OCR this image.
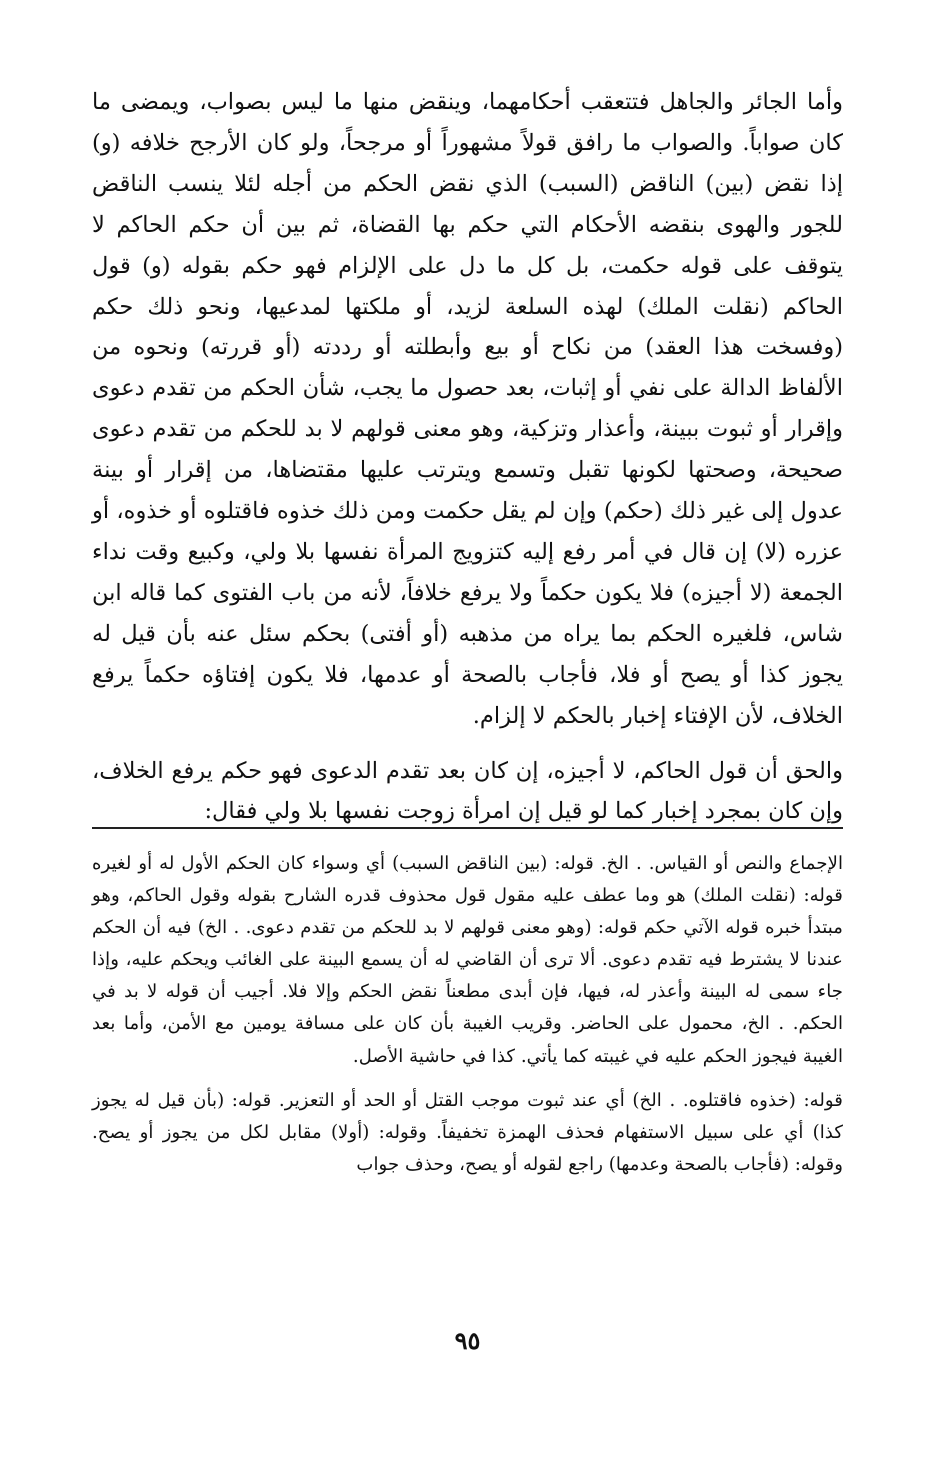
وأما الجائر والجاهل فتتعقب أحكامهما، وينقض منها ما ليس بصواب، ويمضى ما كان صواباً. والصواب ما رافق قولاً مشهوراً أو مرجحاً، ولو كان الأرجح خلافه (و) إذا نقض (بين) الناقض (السبب) الذي نقض الحكم من أجله لئلا ينسب الناقض للجور والهوى بنقضه الأحكام التي حكم بها القضاة، ثم بين أن حكم الحاكم لا يتوقف على قوله حكمت، بل كل ما دل على الإلزام فهو حكم بقوله (و) قول الحاكم (نقلت الملك) لهذه السلعة لزيد، أو ملكتها لمدعيها، ونحو ذلك حكم (وفسخت هذا العقد) من نكاح أو بيع وأبطلته أو رددته (أو قررته) ونحوه من الألفاظ الدالة على نفي أو إثبات، بعد حصول ما يجب، شأن الحكم من تقدم دعوى وإقرار أو ثبوت ببينة، وأعذار وتزكية، وهو معنى قولهم لا بد للحكم من تقدم دعوى صحيحة، وصحتها لكونها تقبل وتسمع ويترتب عليها مقتضاها، من إقرار أو بينة عدول إلى غير ذلك (حكم) وإن لم يقل حكمت ومن ذلك خذوه فاقتلوه أو خذوه، أو عزره (لا) إن قال في أمر رفع إليه كتزويج المرأة نفسها بلا ولي، وكبيع وقت نداء الجمعة (لا أجيزه) فلا يكون حكماً ولا يرفع خلافاً، لأنه من باب الفتوى كما قاله ابن شاس، فلغيره الحكم بما يراه من مذهبه (أو أفتى) بحكم سئل عنه بأن قيل له يجوز كذا أو يصح أو فلا، فأجاب بالصحة أو عدمها، فلا يكون إفتاؤه حكماً يرفع الخلاف، لأن الإفتاء إخبار بالحكم لا إلزام.

والحق أن قول الحاكم، لا أجيزه، إن كان بعد تقدم الدعوى فهو حكم يرفع الخلاف، وإن كان بمجرد إخبار كما لو قيل إن امرأة زوجت نفسها بلا ولي فقال:

الإجماع والنص أو القياس. . الخ. قوله: (بين الناقض السبب) أي وسواء كان الحكم الأول له أو لغيره قوله: (نقلت الملك) هو وما عطف عليه مقول قول محذوف قدره الشارح بقوله وقول الحاكم، وهو مبتدأ خبره قوله الآتي حكم قوله: (وهو معنى قولهم لا بد للحكم من تقدم دعوى. . الخ) فيه أن الحكم عندنا لا يشترط فيه تقدم دعوى. ألا ترى أن القاضي له أن يسمع البينة على الغائب ويحكم عليه، وإذا جاء سمى له البينة وأعذر له، فيها، فإن أبدى مطعناً نقض الحكم وإلا فلا. أجيب أن قوله لا بد في الحكم. . الخ، محمول على الحاضر. وقريب الغيبة بأن كان على مسافة يومين مع الأمن، وأما بعد الغيبة فيجوز الحكم عليه في غيبته كما يأتي. كذا في حاشية الأصل.

قوله: (خذوه فاقتلوه. . الخ) أي عند ثبوت موجب القتل أو الحد أو التعزير. قوله: (بأن قيل له يجوز كذا) أي على سبيل الاستفهام فحذف الهمزة تخفيفاً. وقوله: (أولا) مقابل لكل من يجوز أو يصح. وقوله: (فأجاب بالصحة وعدمها) راجع لقوله أو يصح، وحذف جواب

٩٥
